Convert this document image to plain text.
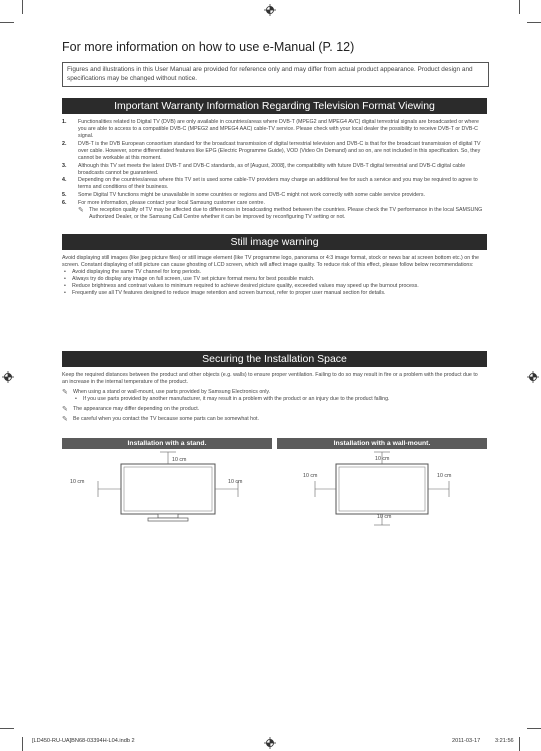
For more information on how to use e-Manual (P. 12)
Figures and illustrations in this User Manual are provided for reference only and may differ from actual product appearance. Product design and specifications may be changed without notice.
Important Warranty Information Regarding Television Format Viewing
1. Functionalities related to Digital TV (DVB) are only available in countries/areas where DVB-T (MPEG2 and MPEG4 AVC) digital terrestrial signals are broadcasted or where you are able to access to a compatible DVB-C (MPEG2 and MPEG4 AAC) cable-TV service. Please check with your local dealer the possibility to receive DVB-T or DVB-C signal.
2. DVB-T is the DVB European consortium standard for the broadcast transmission of digital terrestrial television and DVB-C is that for the broadcast transmission of digital TV over cable. However, some differentiated features like EPG (Electric Programme Guide), VOD (Video On Demand) and so on, are not included in this specification. So, they cannot be workable at this moment.
3. Although this TV set meets the latest DVB-T and DVB-C standards, as of [August, 2008], the compatibility with future DVB-T digital terrestrial and DVB-C digital cable broadcasts cannot be guaranteed.
4. Depending on the countries/areas where this TV set is used some cable-TV providers may charge an additional fee for such a service and you may be required to agree to terms and conditions of their business.
5. Some Digital TV functions might be unavailable in some countries or regions and DVB-C might not work correctly with some cable service providers.
6. For more information, please contact your local Samsung customer care centre.
✎ The reception quality of TV may be affected due to differences in broadcasting method between the countries. Please check the TV performance in the local SAMSUNG Authorized Dealer, or the Samsung Call Centre whether it can be improved by reconfiguring TV setting or not.
Still image warning
Avoid displaying still images (like jpeg picture files) or still image element (like TV programme logo, panorama or 4:3 image format, stock or news bar at screen bottom etc.) on the screen. Constant displaying of still picture can cause ghosting of LCD screen, which will affect image quality. To reduce risk of this effect, please follow below recommendations:
• Avoid displaying the same TV channel for long periods.
• Always try do display any image on full screen, use TV set picture format menu for best possible match.
• Reduce brightness and contrast values to minimum required to achieve desired picture quality, exceeded values may speed up the burnout process.
• Frequently use all TV features designed to reduce image retention and screen burnout, refer to proper user manual section for details.
Securing the Installation Space
Keep the required distances between the product and other objects (e.g. walls) to ensure proper ventilation. Failing to do so may result in fire or a problem with the product due to an increase in the internal temperature of the product.
✎ When using a stand or wall-mount, use parts provided by Samsung Electronics only.
• If you use parts provided by another manufacturer, it may result in a problem with the product or an injury due to the product falling.
✎ The appearance may differ depending on the product.
✎ Be careful when you contact the TV because some parts can be somewhat hot.
Installation with a stand.
10 cm
10 cm	10 cm
Installation with a wall-mount.
10 cm
10 cm	10 cm
10 cm
[LD450-RU-UA]BN68-03394H-L04.indb 2	2011-03-17	3:21:56
